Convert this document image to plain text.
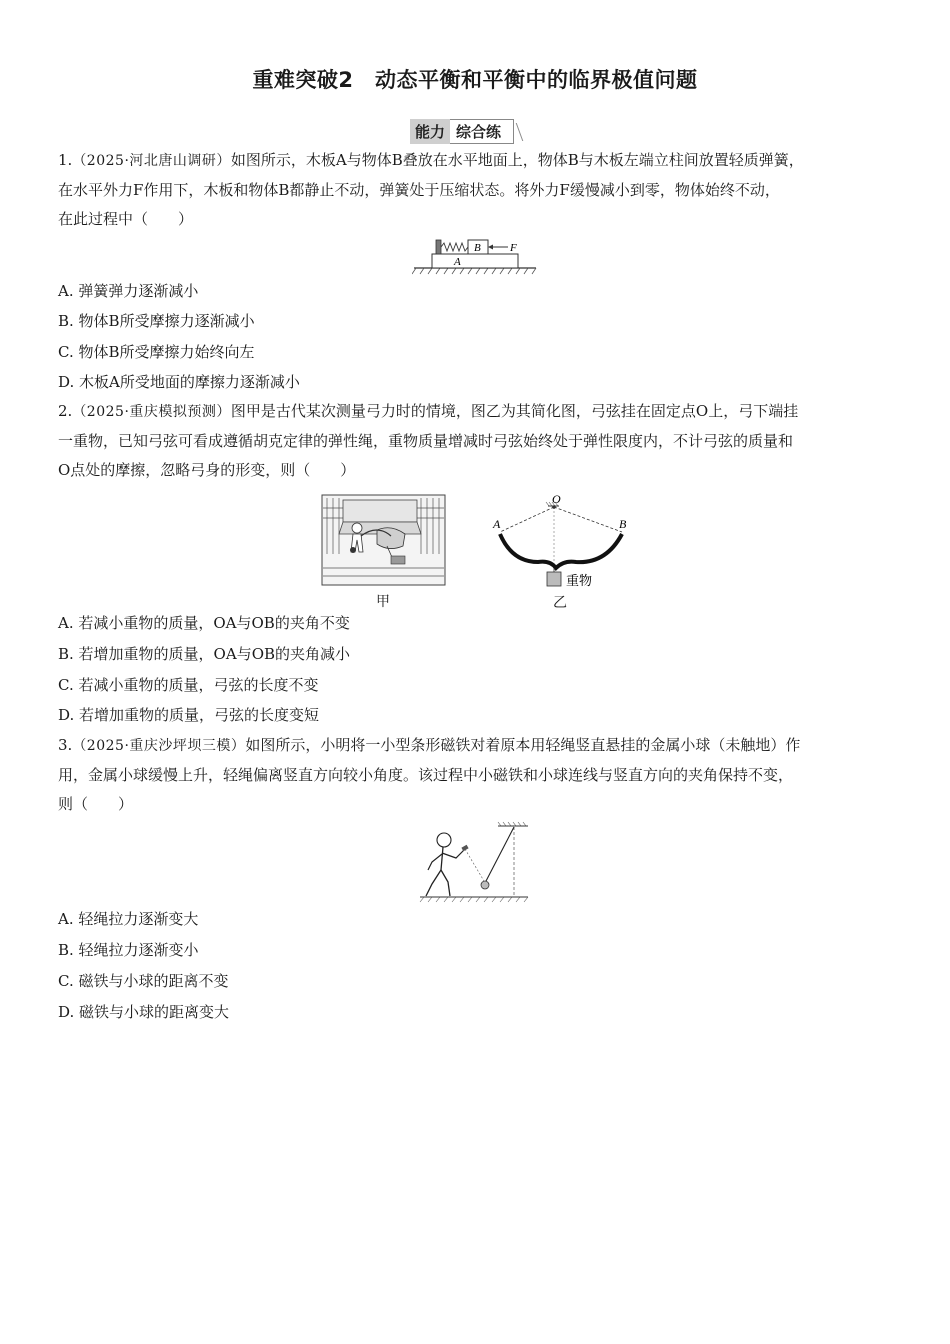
重难突破2　动态平衡和平衡中的临界极值问题
能力 综合练
1.（2025·河北唐山调研）如图所示，木板A与物体B叠放在水平地面上，物体B与木板左端立柱间放置轻质弹簧，
在水平外力F作用下，木板和物体B都静止不动，弹簧处于压缩状态。将外力F缓慢减小到零，物体始终不动，
在此过程中（　　）
B	F
A
A. 弹簧弹力逐渐减小
B. 物体B所受摩擦力逐渐减小
C. 物体B所受摩擦力始终向左
D. 木板A所受地面的摩擦力逐渐减小
2.（2025·重庆模拟预测）图甲是古代某次测量弓力时的情境，图乙为其简化图，弓弦挂在固定点O上，弓下端挂
一重物，已知弓弦可看成遵循胡克定律的弹性绳，重物质量增减时弓弦始终处于弹性限度内，不计弓弦的质量和
O点处的摩擦，忽略弓身的形变，则（　　）
甲
O
A	B
重物
乙
A. 若减小重物的质量，OA与OB的夹角不变
B. 若增加重物的质量，OA与OB的夹角减小
C. 若减小重物的质量，弓弦的长度不变
D. 若增加重物的质量，弓弦的长度变短
3.（2025·重庆沙坪坝三模）如图所示，小明将一小型条形磁铁对着原本用轻绳竖直悬挂的金属小球（未触地）作
用，金属小球缓慢上升，轻绳偏离竖直方向较小角度。该过程中小磁铁和小球连线与竖直方向的夹角保持不变，
则（　　）
A. 轻绳拉力逐渐变大
B. 轻绳拉力逐渐变小
C. 磁铁与小球的距离不变
D. 磁铁与小球的距离变大
